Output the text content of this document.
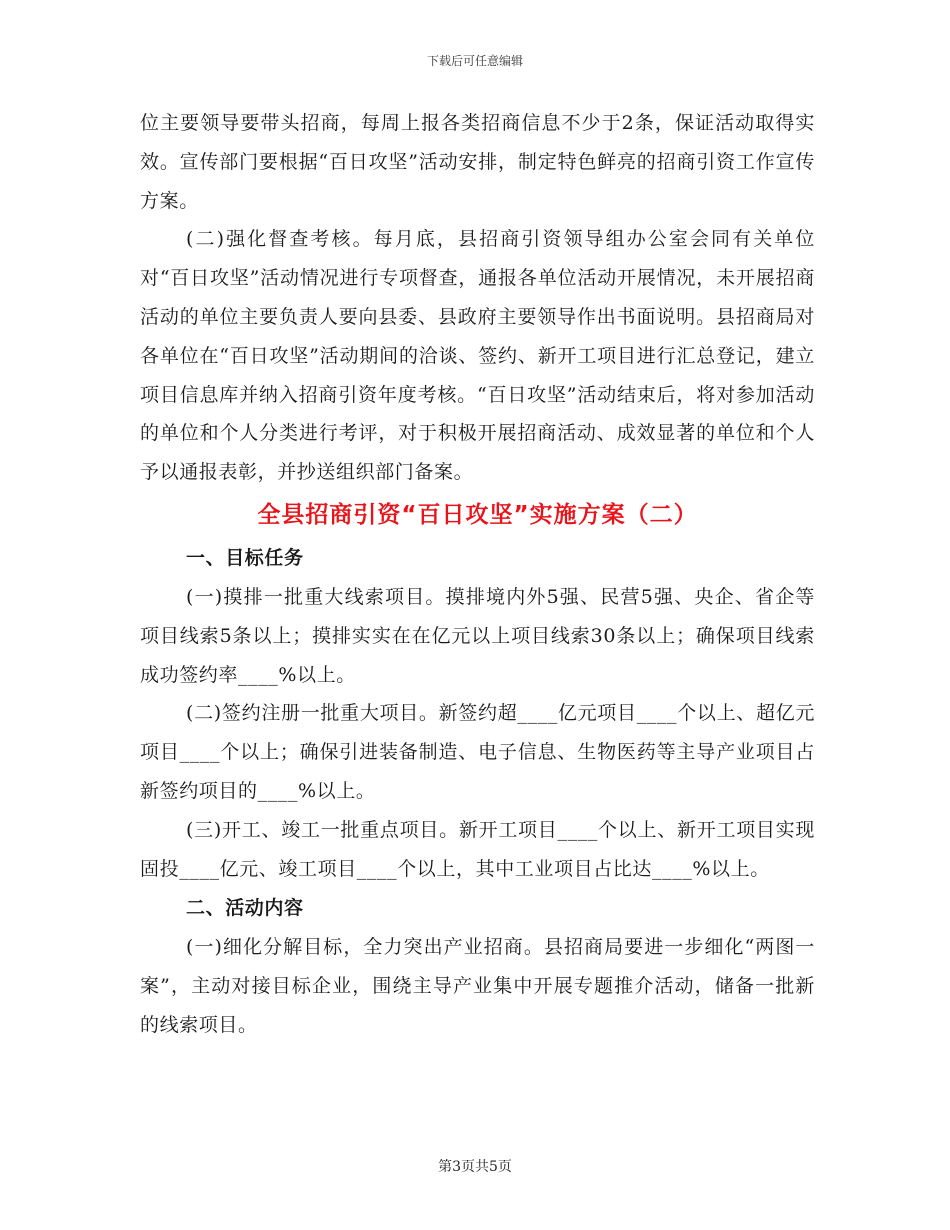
下载后可任意编辑

位主要领导要带头招商，每周上报各类招商信息不少于2条，保证活动取得实效。宣传部门要根据“百日攻坚”活动安排，制定特色鲜亮的招商引资工作宣传方案。

(二)强化督查考核。每月底，县招商引资领导组办公室会同有关单位对“百日攻坚”活动情况进行专项督查，通报各单位活动开展情况，未开展招商活动的单位主要负责人要向县委、县政府主要领导作出书面说明。县招商局对各单位在“百日攻坚”活动期间的洽谈、签约、新开工项目进行汇总登记，建立项目信息库并纳入招商引资年度考核。“百日攻坚”活动结束后，将对参加活动的单位和个人分类进行考评，对于积极开展招商活动、成效显著的单位和个人予以通报表彰，并抄送组织部门备案。

全县招商引资“百日攻坚”实施方案（二）
一、目标任务

(一)摸排一批重大线索项目。摸排境内外5强、民营5强、央企、省企等项目线索5条以上；摸排实实在在亿元以上项目线索30条以上；确保项目线索成功签约率____%以上。

(二)签约注册一批重大项目。新签约超____亿元项目____个以上、超亿元项目____个以上；确保引进装备制造、电子信息、生物医药等主导产业项目占新签约项目的____%以上。

(三)开工、竣工一批重点项目。新开工项目____个以上、新开工项目实现固投____亿元、竣工项目____个以上，其中工业项目占比达____%以上。

二、活动内容

(一)细化分解目标，全力突出产业招商。县招商局要进一步细化“两图一案”，主动对接目标企业，围绕主导产业集中开展专题推介活动，储备一批新的线索项目。

第3页共5页
